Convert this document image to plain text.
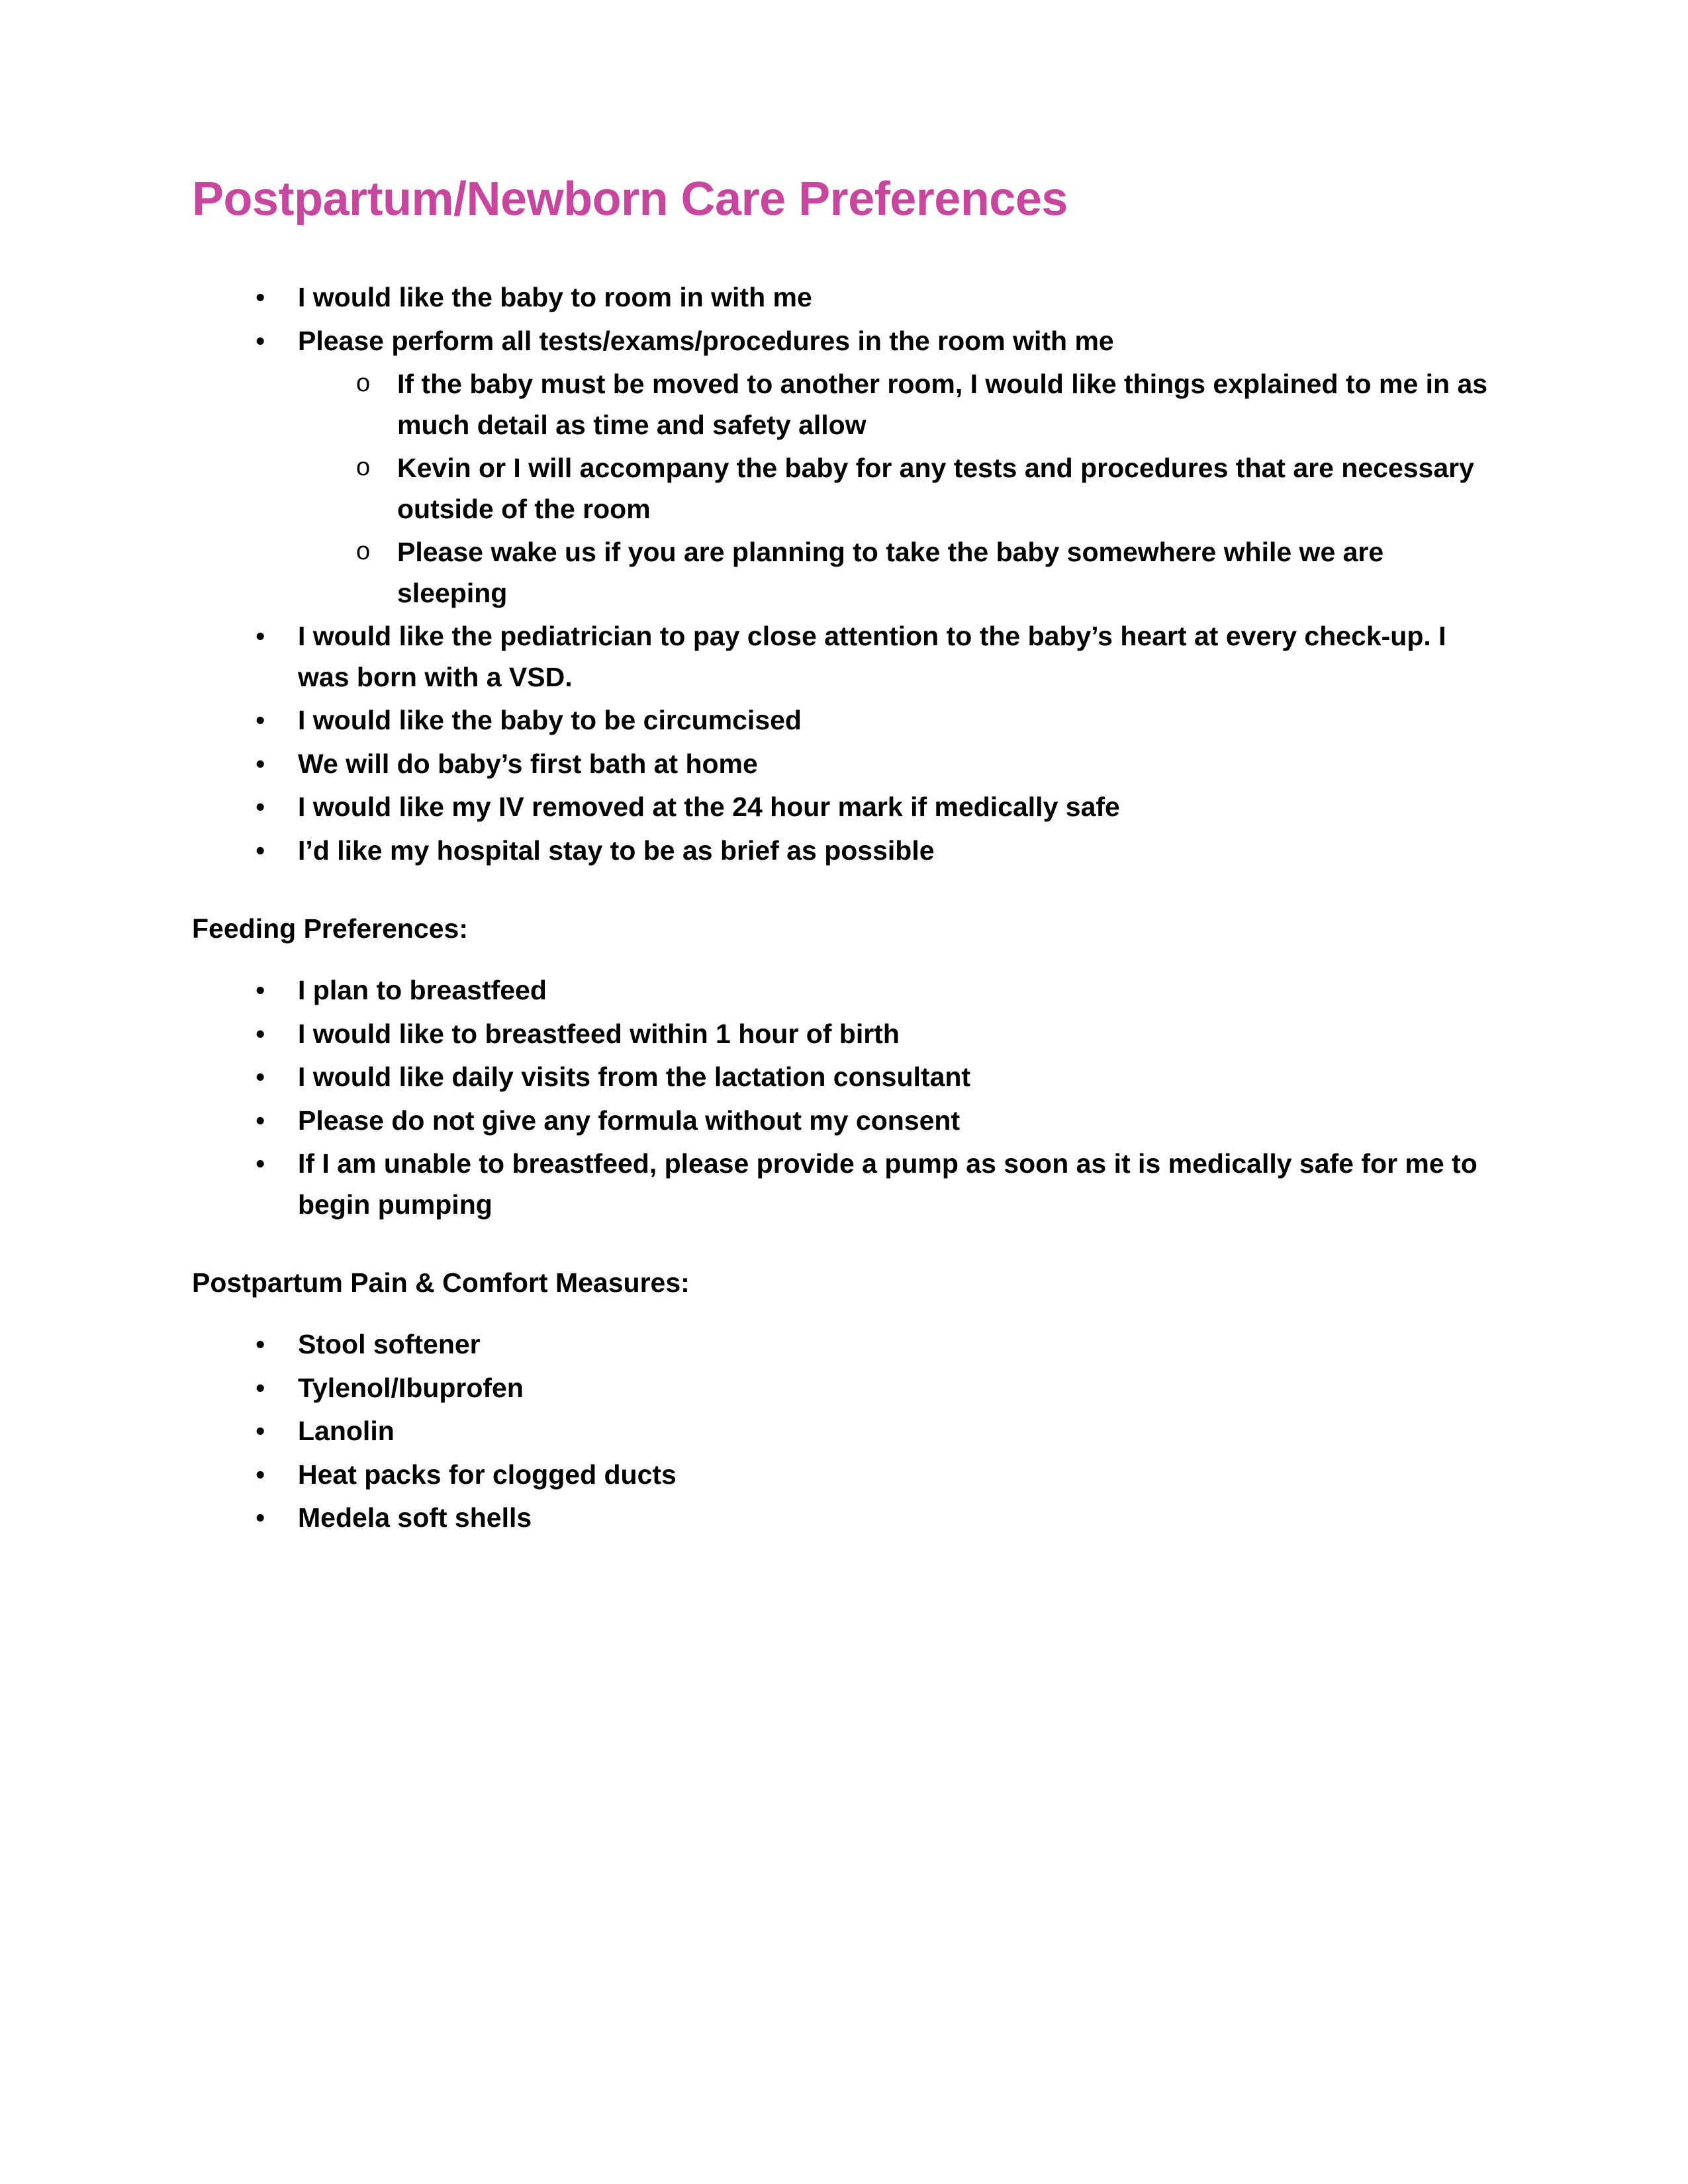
Postpartum/Newborn Care Preferences
• I would like the baby to room in with me
• Please perform all tests/exams/procedures in the room with me
o If the baby must be moved to another room, I would like things explained to me in as much detail as time and safety allow
o Kevin or I will accompany the baby for any tests and procedures that are necessary outside of the room
o Please wake us if you are planning to take the baby somewhere while we are sleeping
• I would like the pediatrician to pay close attention to the baby’s heart at every check-up. I was born with a VSD.
• I would like the baby to be circumcised
• We will do baby’s first bath at home
• I would like my IV removed at the 24 hour mark if medically safe
• I’d like my hospital stay to be as brief as possible
Feeding Preferences:
• I plan to breastfeed
• I would like to breastfeed within 1 hour of birth
• I would like daily visits from the lactation consultant
• Please do not give any formula without my consent
• If I am unable to breastfeed, please provide a pump as soon as it is medically safe for me to begin pumping
Postpartum Pain & Comfort Measures:
• Stool softener
• Tylenol/Ibuprofen
• Lanolin
• Heat packs for clogged ducts
• Medela soft shells
